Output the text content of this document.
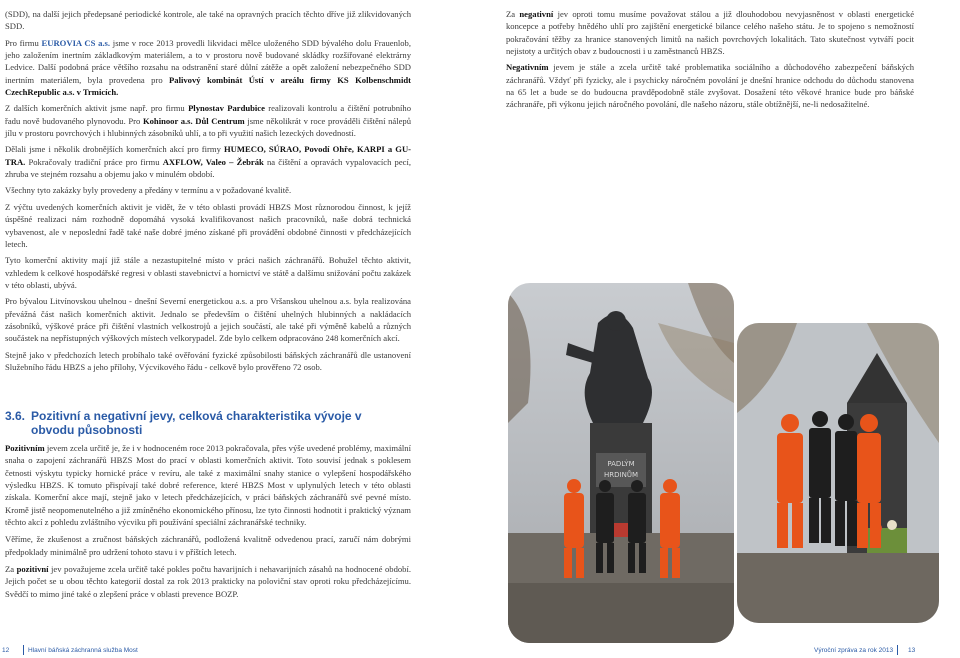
(SDD), na další jejich předepsané periodické kontrole, ale také na opravných pracích těchto dříve již zlikvidovaných SDD.

Pro firmu EUROVIA CS a.s. jsme v roce 2013 provedli likvidaci mělce uloženého SDD bývalého dolu Frauenlob, jeho založením inertním základkovým materiálem, a to v prostoru nově budované skládky rozšiřované elektrárny Ledvice. Další podobná práce většího rozsahu na odstranění staré důlní zátěže a opět založení nebezpečného SDD inertním materiálem, byla provedena pro Palivový kombinát Ústí v areálu firmy KS Kolbenschmidt CzechRepublic a.s. v Trmicích.

Z dalších komerčních aktivit jsme např. pro firmu Plynostav Pardubice realizovali kontrolu a čištění potrubního řadu nově budovaného plynovodu. Pro Kohinoor a.s. Důl Centrum jsme několikrát v roce prováděli čištění nálepů jílu v prostoru povrchových i hlubinných zásobníků uhlí, a to při využití našich lezeckých dovedností.

Dělali jsme i několik drobnějších komerčních akcí pro firmy HUMECO, SÚRAO, Povodí Ohře, KARPI a GU-TRA. Pokračovaly tradiční práce pro firmu AXFLOW, Valeo – Žebrák na čištění a opravách vypalovacích pecí, zhruba ve stejném rozsahu a objemu jako v minulém období.

Všechny tyto zakázky byly provedeny a předány v termínu a v požadované kvalitě.

Z výčtu uvedených komerčních aktivit je vidět, že v této oblasti provádí HBZS Most různorodou činnost, k jejíž úspěšné realizaci nám rozhodně dopomáhá vysoká kvalifikovanost našich pracovníků, naše dobrá technická vybavenost, ale v neposlední řadě také naše dobré jméno získané při provádění obdobné činnosti v předcházejících letech.

Tyto komerční aktivity mají již stále a nezastupitelné místo v práci našich záchranářů. Bohužel těchto aktivit, vzhledem k celkové hospodářské regresi v oblasti stavebnictví a hornictví ve státě a dalšímu snižování počtu zakázek v této oblasti, ubývá.

Pro bývalou Litvínovskou uhelnou - dnešní Severní energetickou a.s. a pro Vršanskou uhelnou a.s. byla realizována převážná část našich komerčních aktivit. Jednalo se především o čištění uhelných hlubinných a nakládacích zásobníků, výškové práce při čištění vlastních velkostrojů a jejich součástí, ale také při výměně kabelů a různých součástek na nepřístupných výškových místech velkorypadel. Zde bylo celkem odpracováno 248 komerčních akcí.

Stejně jako v předchozích letech probíhalo také ověřování fyzické způsobilosti báňských záchranářů dle ustanovení Služebního řádu HBZS a jeho přílohy, Výcvikového řádu - celkově bylo prověřeno 72 osob.

3.6. Pozitivní a negativní jevy, celková charakteristika vývoje v obvodu působnosti

Pozitivním jevem zcela určitě je, že i v hodnoceném roce 2013 pokračovala, přes výše uvedené problémy, maximální snaha o zapojení záchranářů HBZS Most do prací v oblasti komerčních aktivit. Toto souvisí jednak s poklesem četnosti výskytu typicky hornické práce v revíru, ale také z maximální snahy stanice o vylepšení hospodářského výsledku HBZS. K tomuto přispívají také dobré reference, které HBZS Most v uplynulých letech v této oblasti získala. Komerční akce mají, stejně jako v letech předcházejících, v práci báňských záchranářů své pevné místo. Kromě jistě neopomenutelného a již zmíněného ekonomického přínosu, lze tyto činnosti hodnotit i praktický význam těchto akcí z pohledu zvláštního výcviku při používání speciální záchranářské techniky.

Věříme, že zkušenost a zručnost báňských záchranářů, podložená kvalitně odvedenou prací, zaručí nám dobrými předpoklady minimálně pro udržení tohoto stavu i v příštích letech.

Za pozitivní jev považujeme zcela určitě také pokles počtu havarijních i nehavarijních zásahů na hodnocené období. Jejich počet se u obou těchto kategorií dostal za rok 2013 prakticky na poloviční stav oproti roku předcházejícímu. Svědčí to mimo jiné také o zlepšení práce v oblasti prevence BOZP.

Za negativní jev oproti tomu musíme považovat stálou a již dlouhodobou nevyjasněnost v oblasti energetické koncepce a potřeby hnědého uhlí pro zajištění energetické bilance celého našeho státu. Je to spojeno s nemožností pokračování těžby za hranice stanovených limitů na našich povrchových lokalitách. Tato skutečnost vytváří pocit nejistoty a určitých obav z budoucnosti i u zaměstnanců HBZS.

Negativním jevem je stále a zcela určitě také problematika sociálního a důchodového zabezpečení báňských záchranářů. Vždyť při fyzicky, ale i psychicky náročném povolání je dnešní hranice odchodu do důchodu stanovena na 65 let a bude se do budoucna pravděpodobně stále zvyšovat. Dosažení této věkové hranice bude pro báňské záchranáře, při výkonu jejich náročného povolání, dle našeho názoru, stále obtížnější, ne-li nedosažitelné.

PADLÝM
HRDINŮM
12	Hlavní báňská záchranná služba Most	Výroční zpráva za rok 2013 13
